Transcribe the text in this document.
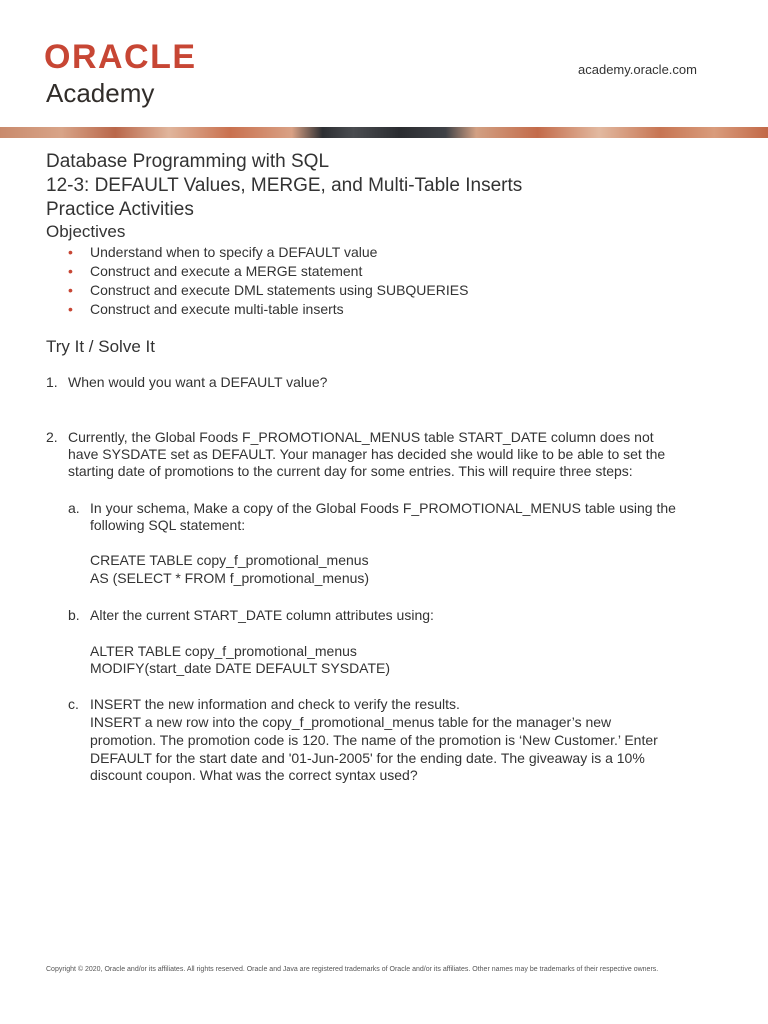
ORACLE
Academy
academy.oracle.com
Database Programming with SQL
12-3: DEFAULT Values, MERGE, and Multi-Table Inserts
Practice Activities
Objectives
• Understand when to specify a DEFAULT value
• Construct and execute a MERGE statement
• Construct and execute DML statements using SUBQUERIES
• Construct and execute multi-table inserts
Try It / Solve It
1. When would you want a DEFAULT value?
2. Currently, the Global Foods F_PROMOTIONAL_MENUS table START_DATE column does not
have SYSDATE set as DEFAULT. Your manager has decided she would like to be able to set the
starting date of promotions to the current day for some entries. This will require three steps:
a. In your schema, Make a copy of the Global Foods F_PROMOTIONAL_MENUS table using the
following SQL statement:
CREATE TABLE copy_f_promotional_menus
AS (SELECT * FROM f_promotional_menus)
b. Alter the current START_DATE column attributes using:
ALTER TABLE copy_f_promotional_menus
MODIFY(start_date DATE DEFAULT SYSDATE)
c. INSERT the new information and check to verify the results.
INSERT a new row into the copy_f_promotional_menus table for the manager’s new
promotion. The promotion code is 120. The name of the promotion is ‘New Customer.’ Enter
DEFAULT for the start date and '01-Jun-2005' for the ending date. The giveaway is a 10%
discount coupon. What was the correct syntax used?
Copyright © 2020, Oracle and/or its affiliates. All rights reserved. Oracle and Java are registered trademarks of Oracle and/or its affiliates. Other names may be trademarks of their respective owners.
